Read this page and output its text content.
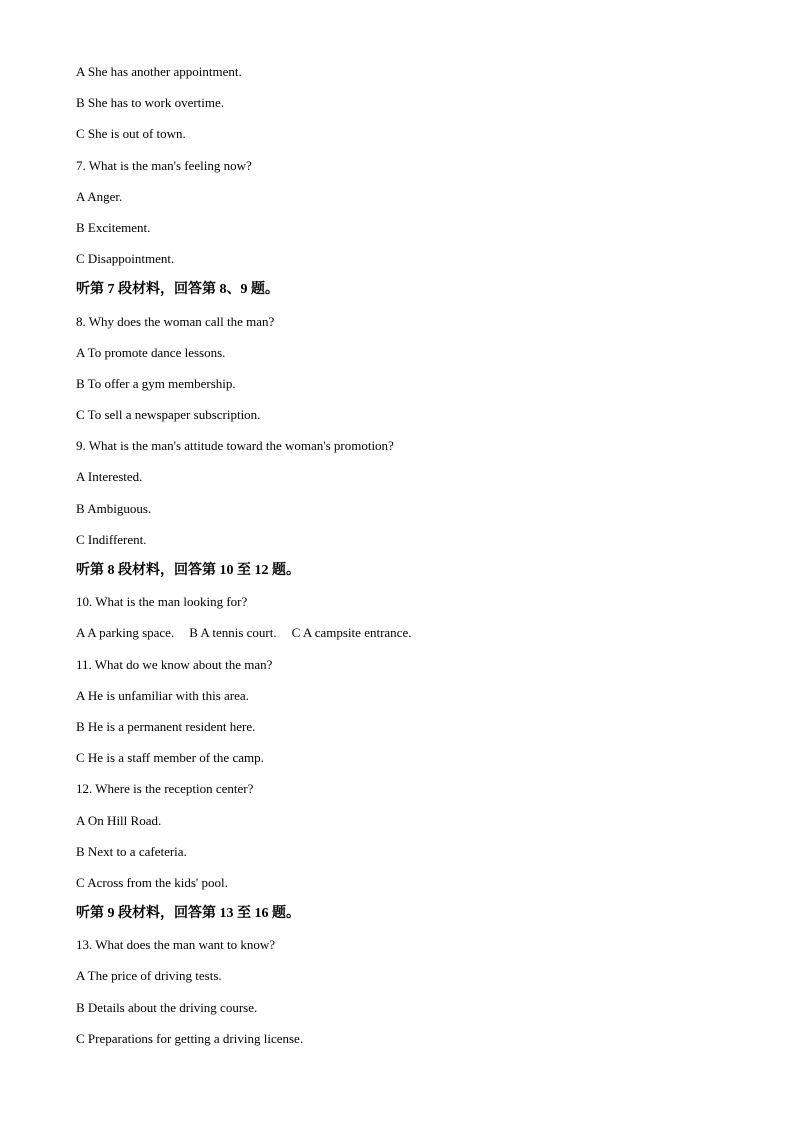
A She has another appointment.
B She has to work overtime.
C She is out of town.
7. What is the man's feeling now?
A Anger.
B Excitement.
C Disappointment.
听第 7 段材料，回答第 8、9 题。
8. Why does the woman call the man?
A To promote dance lessons.
B To offer a gym membership.
C To sell a newspaper subscription.
9. What is the man's attitude toward the woman's promotion?
A Interested.
B Ambiguous.
C Indifferent.
听第 8 段材料，回答第 10 至 12 题。
10. What is the man looking for?
A A parking space. B A tennis court. C A campsite entrance.
11. What do we know about the man?
A He is unfamiliar with this area.
B He is a permanent resident here.
C He is a staff member of the camp.
12. Where is the reception center?
A On Hill Road.
B Next to a cafeteria.
C Across from the kids' pool.
听第 9 段材料，回答第 13 至 16 题。
13. What does the man want to know?
A The price of driving tests.
B Details about the driving course.
C Preparations for getting a driving license.
